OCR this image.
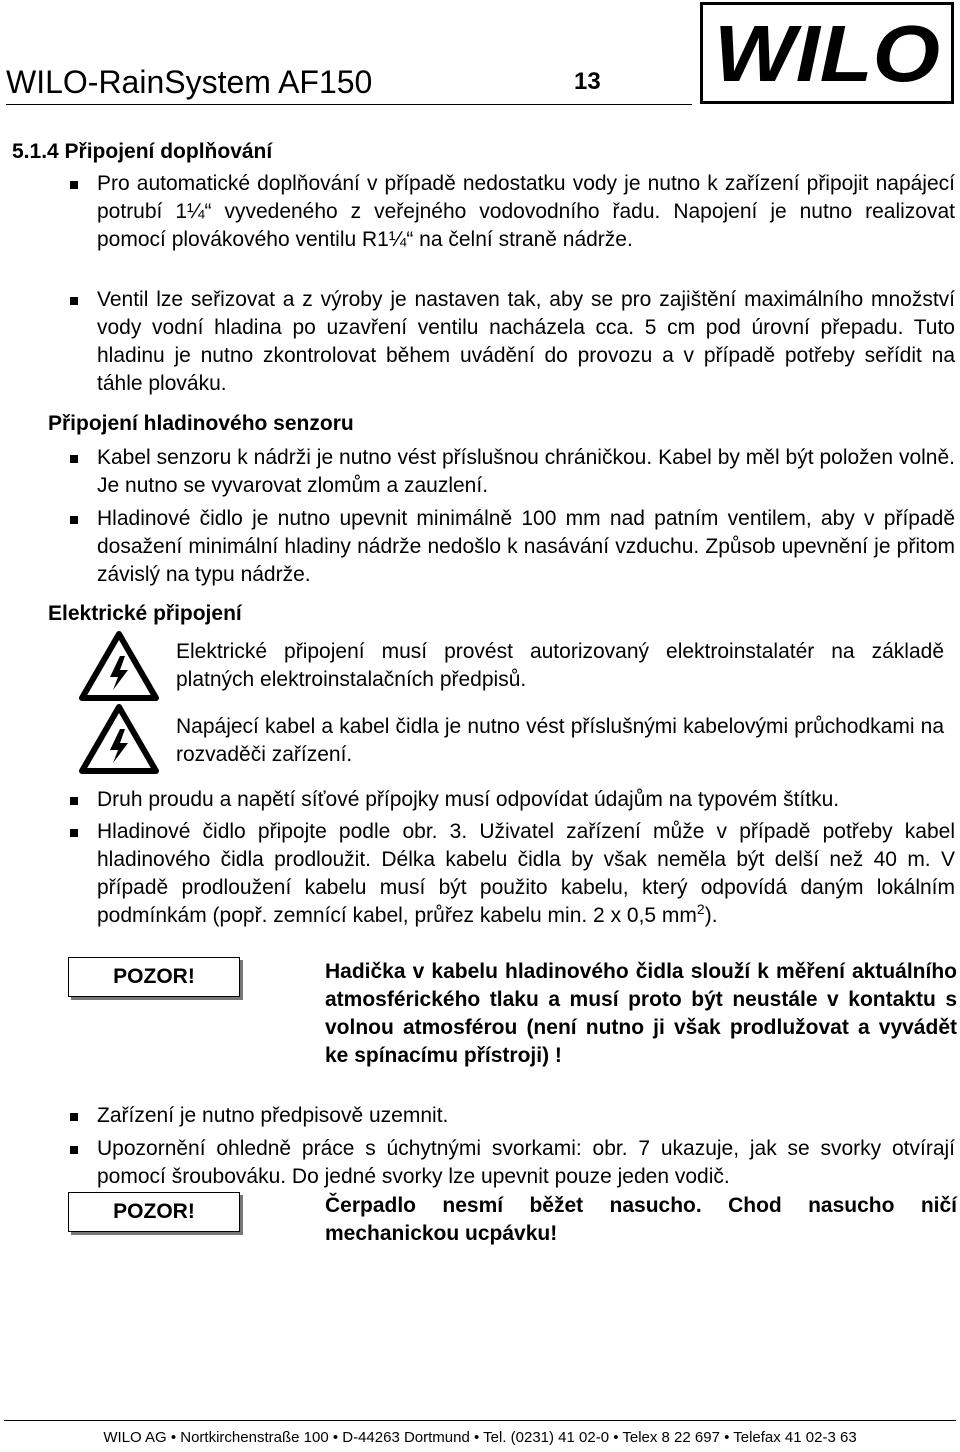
WILO-RainSystem AF150	13 WILO
5.1.4 Připojení doplňování
Pro automatické doplňování v případě nedostatku vody je nutno k zařízení připojit napájecí potrubí 1¼“ vyvedeného z veřejného vodovodního řadu. Napojení je nutno realizovat pomocí plovákového ventilu R1¼“ na čelní straně nádrže.
Ventil lze seřizovat a z výroby je nastaven tak, aby se pro zajištění maximálního množství vody vodní hladina po uzavření ventilu nacházela cca. 5 cm pod úrovní přepadu. Tuto hladinu je nutno zkontrolovat během uvádění do provozu a v případě potřeby seřídit na táhle plováku.
Připojení hladinového senzoru
Kabel senzoru k nádrži je nutno vést příslušnou chráničkou. Kabel by měl být položen volně. Je nutno se vyvarovat zlomům a zauzlení.
Hladinové čidlo je nutno upevnit minimálně 100 mm nad patním ventilem, aby v případě dosažení minimální hladiny nádrže nedošlo k nasávání vzduchu. Způsob upevnění je přitom závislý na typu nádrže.
Elektrické připojení
Elektrické připojení musí provést autorizovaný elektroinstalatér na základě platných elektroinstalačních předpisů.
Napájecí kabel a kabel čidla je nutno vést příslušnými kabelovými průchodkami na rozvaděči zařízení.
Druh proudu a napětí síťové přípojky musí odpovídat údajům na typovém štítku.
Hladinové čidlo připojte podle obr. 3. Uživatel zařízení může v případě potřeby kabel hladinového čidla prodloužit. Délka kabelu čidla by však neměla být delší než 40 m. V případě prodloužení kabelu musí být použito kabelu, který odpovídá daným lokálním podmínkám (popř. zemnící kabel, průřez kabelu min. 2 x 0,5 $mm^2$).
POZOR!	Hadička v kabelu hladinového čidla slouží k měření aktuálního atmosférického tlaku a musí proto být neustále v kontaktu s volnou atmosférou (není nutno ji však prodlužovat a vyvádět ke spínacímu přístroji) !
Zařízení je nutno předpisově uzemnit.
Upozornění ohledně práce s úchytnými svorkami: obr. 7 ukazuje, jak se svorky otvírají pomocí šroubováku. Do jedné svorky lze upevnit pouze jeden vodič.
POZOR!	Čerpadlo nesmí běžet nasucho. Chod nasucho ničí mechanickou ucpávku!
WILO AG • Nortkirchenstraße 100 • D-44263 Dortmund • Tel. (0231) 41 02-0 • Telex 8 22 697 • Telefax 41 02-3 63
